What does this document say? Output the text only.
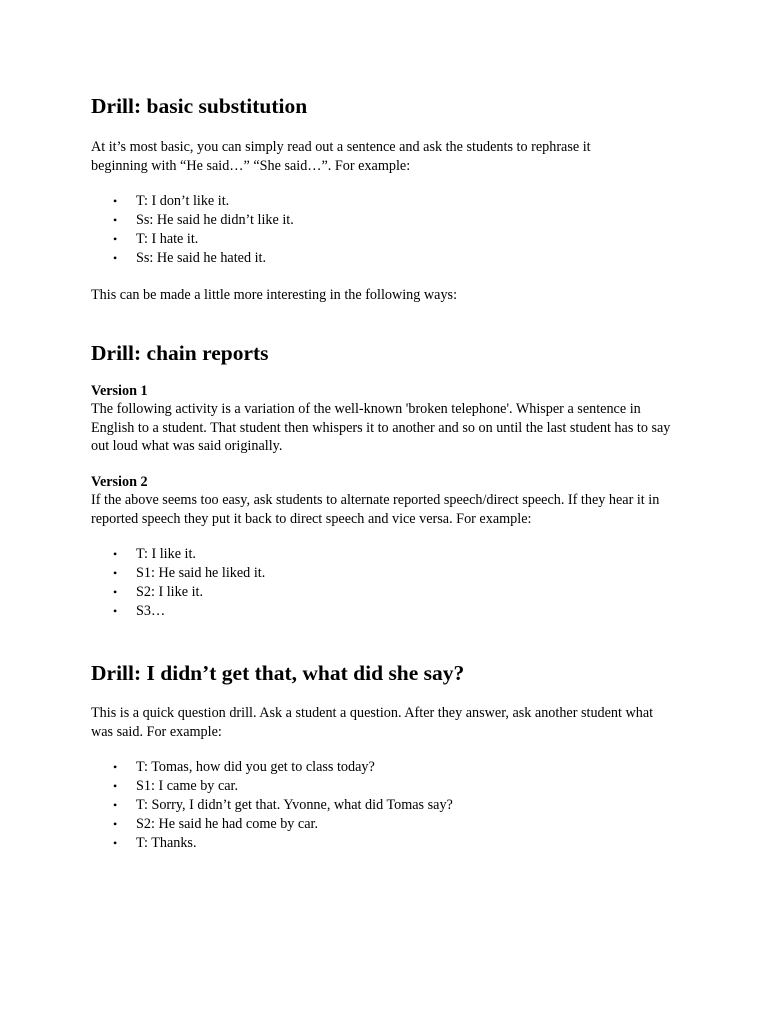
Drill: basic substitution

At it’s most basic, you can simply read out a sentence and ask the students to rephrase it beginning with “He said…” “She said…”. For example:

• T: I don’t like it.
• Ss: He said he didn’t like it.
• T: I hate it.
• Ss: He said he hated it.

This can be made a little more interesting in the following ways:

Drill: chain reports

Version 1

The following activity is a variation of the well-known 'broken telephone'. Whisper a sentence in English to a student. That student then whispers it to another and so on until the last student has to say out loud what was said originally.

Version 2

If the above seems too easy, ask students to alternate reported speech/direct speech. If they hear it in reported speech they put it back to direct speech and vice versa. For example:

• T: I like it.
• S1: He said he liked it.
• S2: I like it.
• S3…
Drill: I didn’t get that, what did she say?

This is a quick question drill. Ask a student a question. After they answer, ask another student what was said. For example:

• T: Tomas, how did you get to class today?
• S1: I came by car.
• T: Sorry, I didn’t get that. Yvonne, what did Tomas say?
• S2: He said he had come by car.
• T: Thanks.
